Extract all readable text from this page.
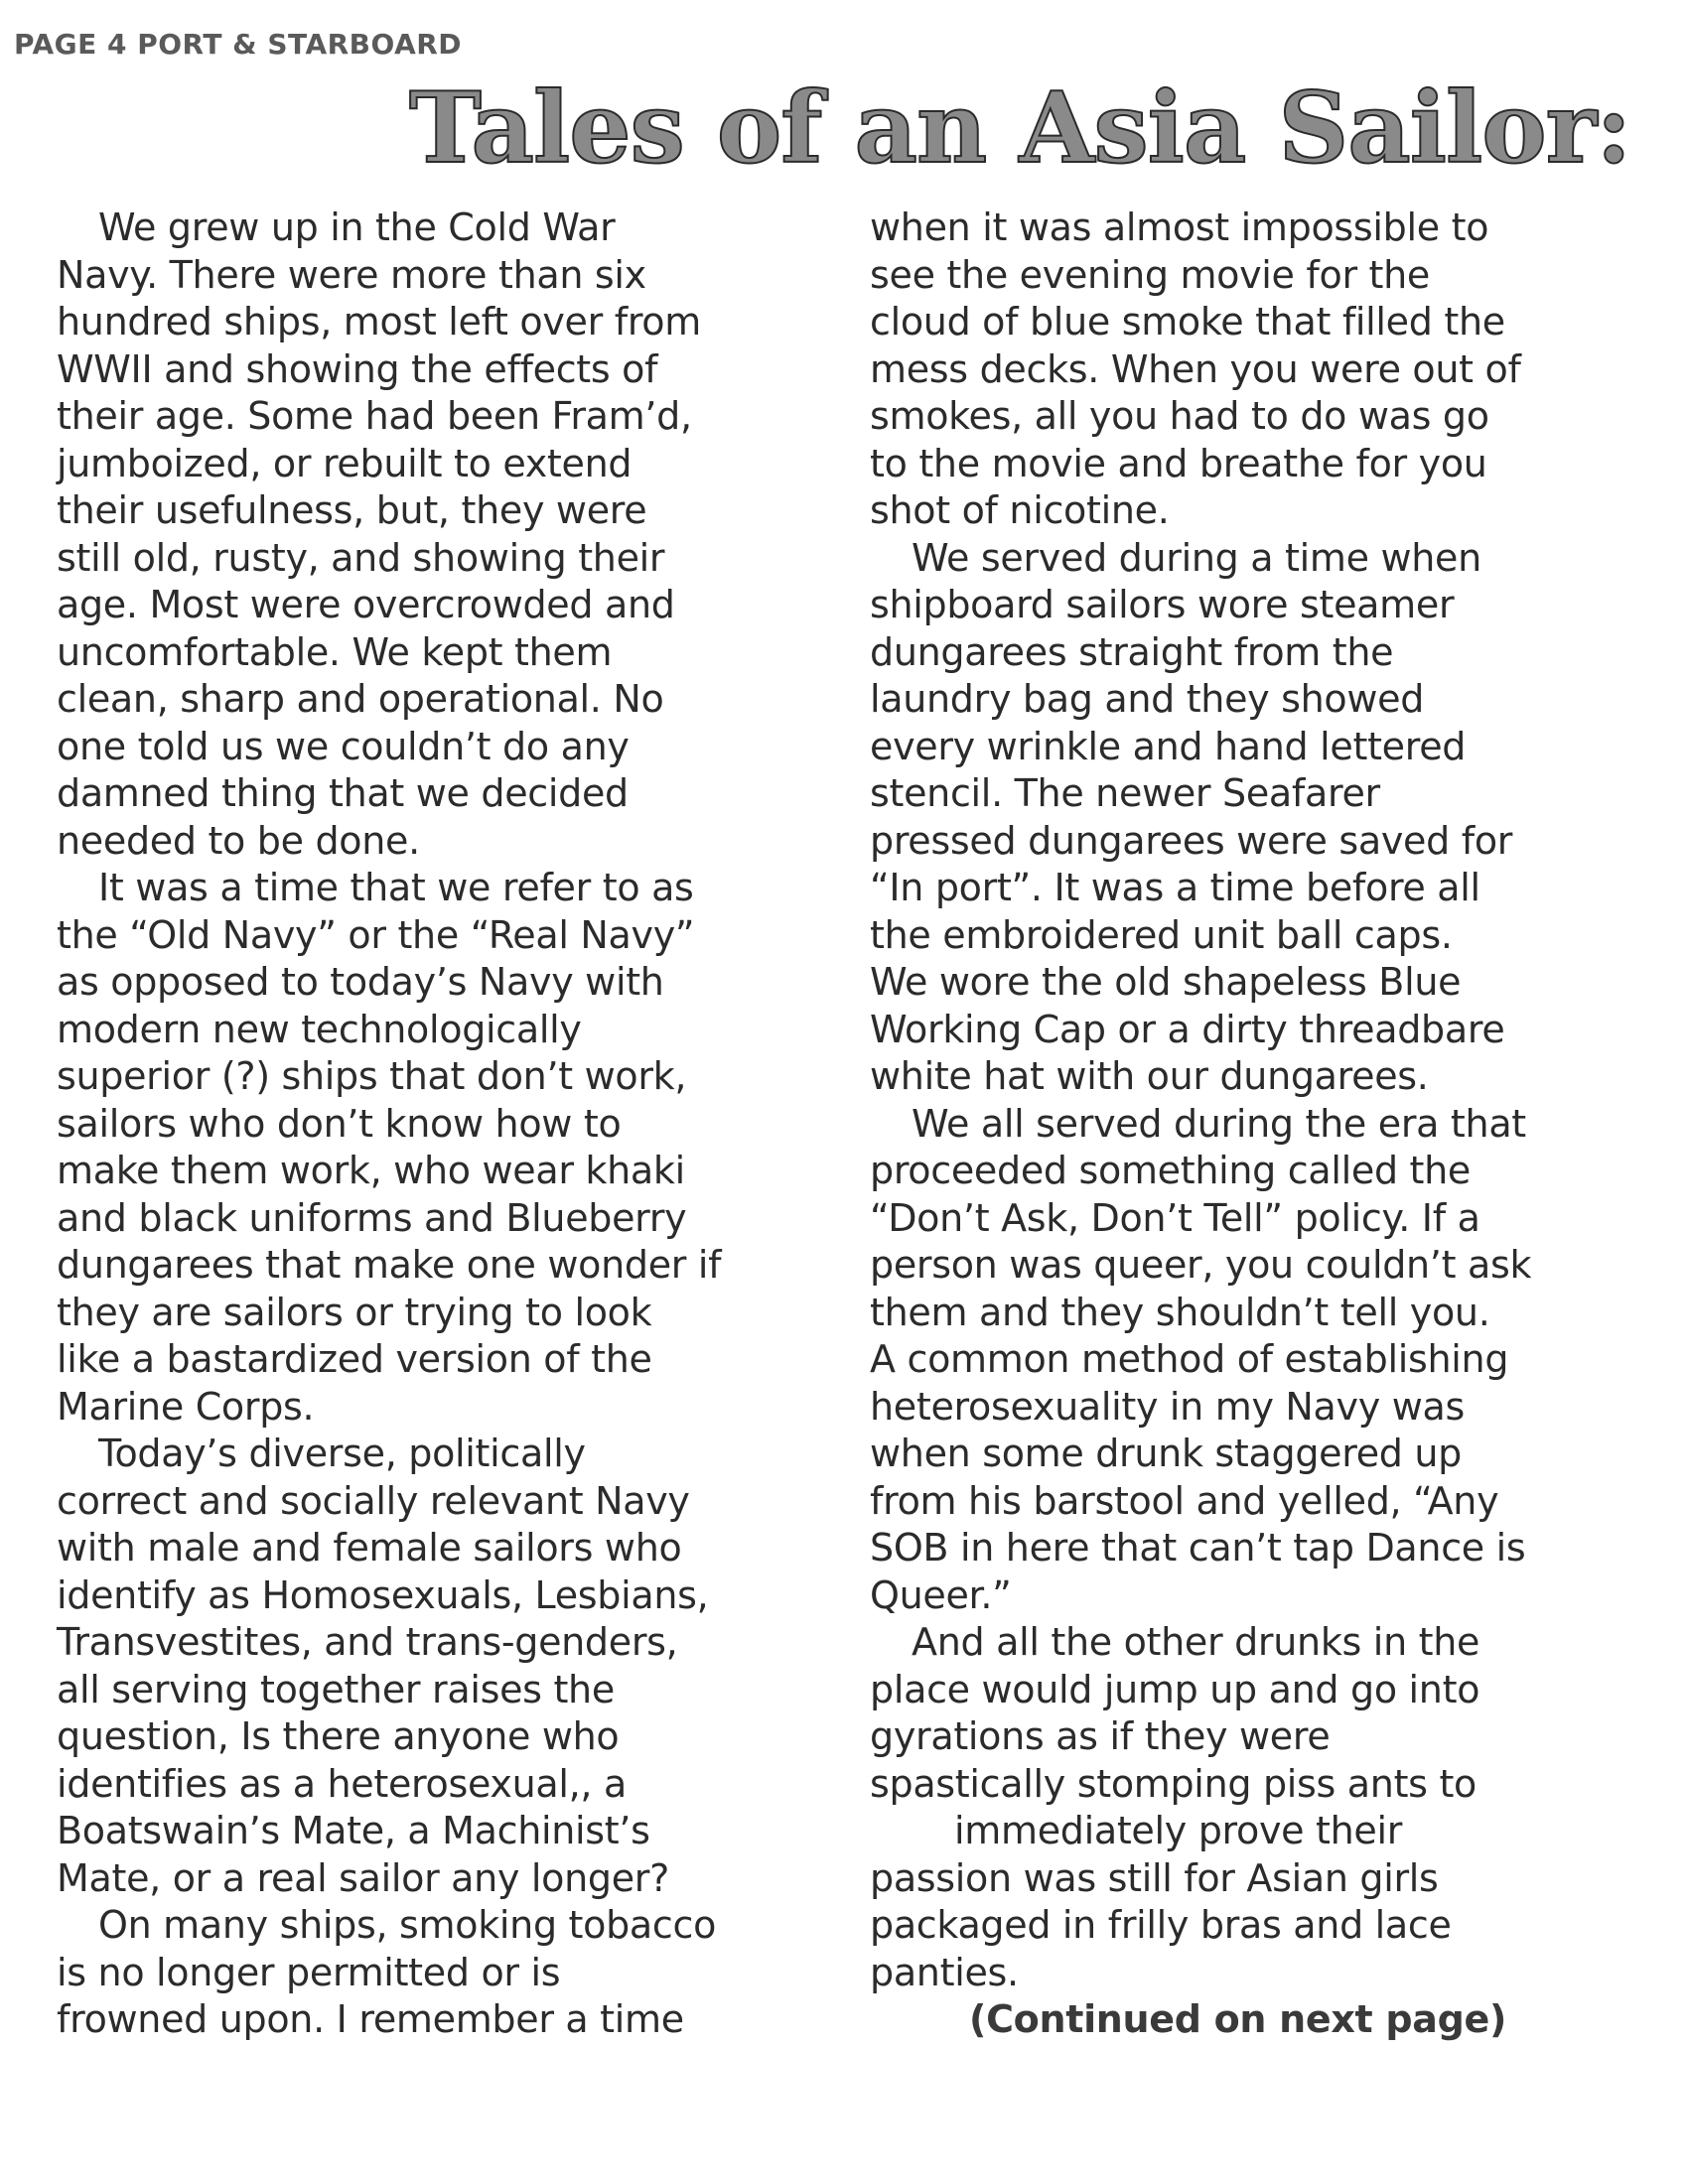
PAGE 4 PORT & STARBOARD
Tales of an Asia Sailor:
We grew up in the Cold War
Navy. There were more than six
hundred ships, most left over from
WWII and showing the effects of
their age. Some had been Fram’d,
jumboized, or rebuilt to extend
their usefulness, but, they were
still old, rusty, and showing their
age. Most were overcrowded and
uncomfortable. We kept them
clean, sharp and operational. No
one told us we couldn’t do any
damned thing that we decided
needed to be done.
It was a time that we refer to as
the “Old Navy” or the “Real Navy”
as opposed to today’s Navy with
modern new technologically
superior (?) ships that don’t work,
sailors who don’t know how to
make them work, who wear khaki
and black uniforms and Blueberry
dungarees that make one wonder if
they are sailors or trying to look
like a bastardized version of the
Marine Corps.
Today’s diverse, politically
correct and socially relevant Navy
with male and female sailors who
identify as Homosexuals, Lesbians,
Transvestites, and trans-genders,
all serving together raises the
question, Is there anyone who
identifies as a heterosexual,, a
Boatswain’s Mate, a Machinist’s
Mate, or a real sailor any longer?
On many ships, smoking tobacco
is no longer permitted or is
frowned upon. I remember a time
when it was almost impossible to
see the evening movie for the
cloud of blue smoke that filled the
mess decks. When you were out of
smokes, all you had to do was go
to the movie and breathe for you
shot of nicotine.
We served during a time when
shipboard sailors wore steamer
dungarees straight from the
laundry bag and they showed
every wrinkle and hand lettered
stencil. The newer Seafarer
pressed dungarees were saved for
“In port”. It was a time before all
the embroidered unit ball caps.
We wore the old shapeless Blue
Working Cap or a dirty threadbare
white hat with our dungarees.
We all served during the era that
proceeded something called the
“Don’t Ask, Don’t Tell” policy. If a
person was queer, you couldn’t ask
them and they shouldn’t tell you.
A common method of establishing
heterosexuality in my Navy was
when some drunk staggered up
from his barstool and yelled, “Any
SOB in here that can’t tap Dance is
Queer.”
And all the other drunks in the
place would jump up and go into
gyrations as if they were
spastically stomping piss ants to
immediately prove their
passion was still for Asian girls
packaged in frilly bras and lace
panties.
(Continued on next page)
